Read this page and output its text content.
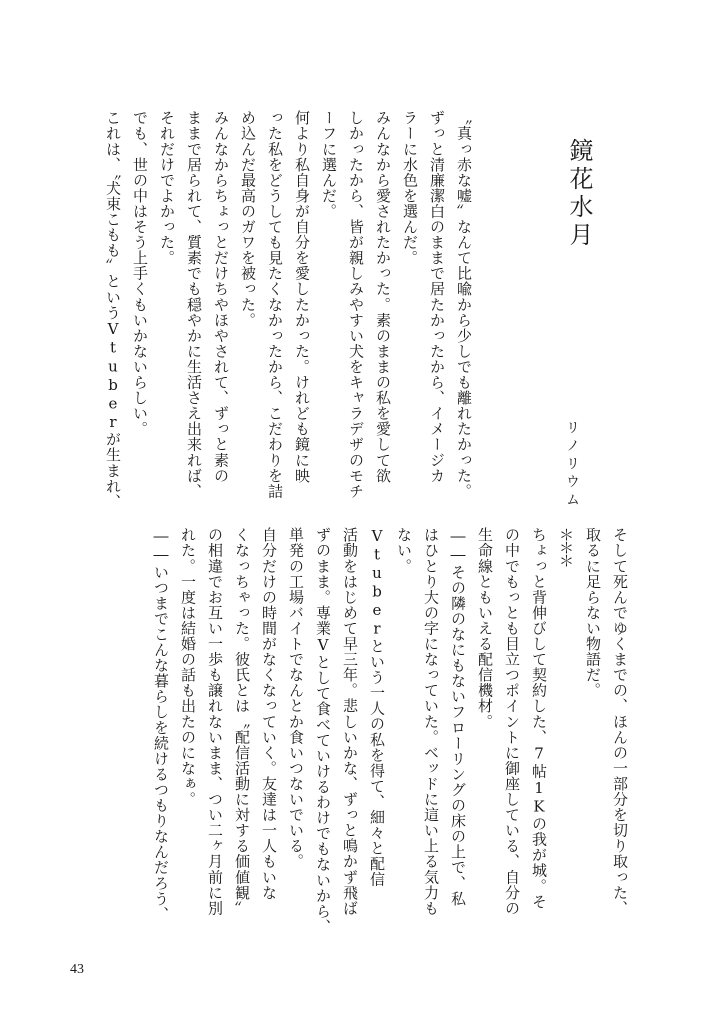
鏡花水月
リノリウム
〝真っ赤な嘘〟なんて比喩から少しでも離れたかった。
ずっと清廉潔白のままで居たかったから、イメージカ
ラーに水色を選んだ。
みんなから愛されたかった。素のままの私を愛して欲
しかったから、皆が親しみやすい犬をキャラデザのモチ
ーフに選んだ。
何より私自身が自分を愛したかった。けれども鏡に映
った私をどうしても見たくなかったから、こだわりを詰
め込んだ最高のガワを被った。
みんなからちょっとだけちやほやされて、ずっと素の
ままで居られて、質素でも穏やかに生活さえ出来れば、
それだけでよかった。
でも、世の中はそう上手くもいかないらしい。
これは、〝犬束こもも〟というVtuberが生まれ、
そして死んでゆくまでの、ほんの一部分を切り取った、
取るに足らない物語だ。
＊＊＊
ちょっと背伸びして契約した、7帖1Kの我が城。そ
の中でもっとも目立つポイントに御座している、自分の
生命線ともいえる配信機材。
――その隣のなにもないフローリングの床の上で、私
はひとり大の字になっていた。ベッドに這い上る気力も
ない。
Vtuberという一人の私を得て、細々と配信
活動をはじめて早三年。悲しいかな、ずっと鳴かず飛ば
ずのまま。専業Vとして食べていけるわけでもないから、
単発の工場バイトでなんとか食いつないでいる。
自分だけの時間がなくなっていく。友達は一人もいな
くなっちゃった。彼氏とは〝配信活動に対する価値観〟
の相違でお互い一歩も譲れないまま、つい二ヶ月前に別
れた。一度は結婚の話も出たのになぁ。
――いつまでこんな暮らしを続けるつもりなんだろう、
43
